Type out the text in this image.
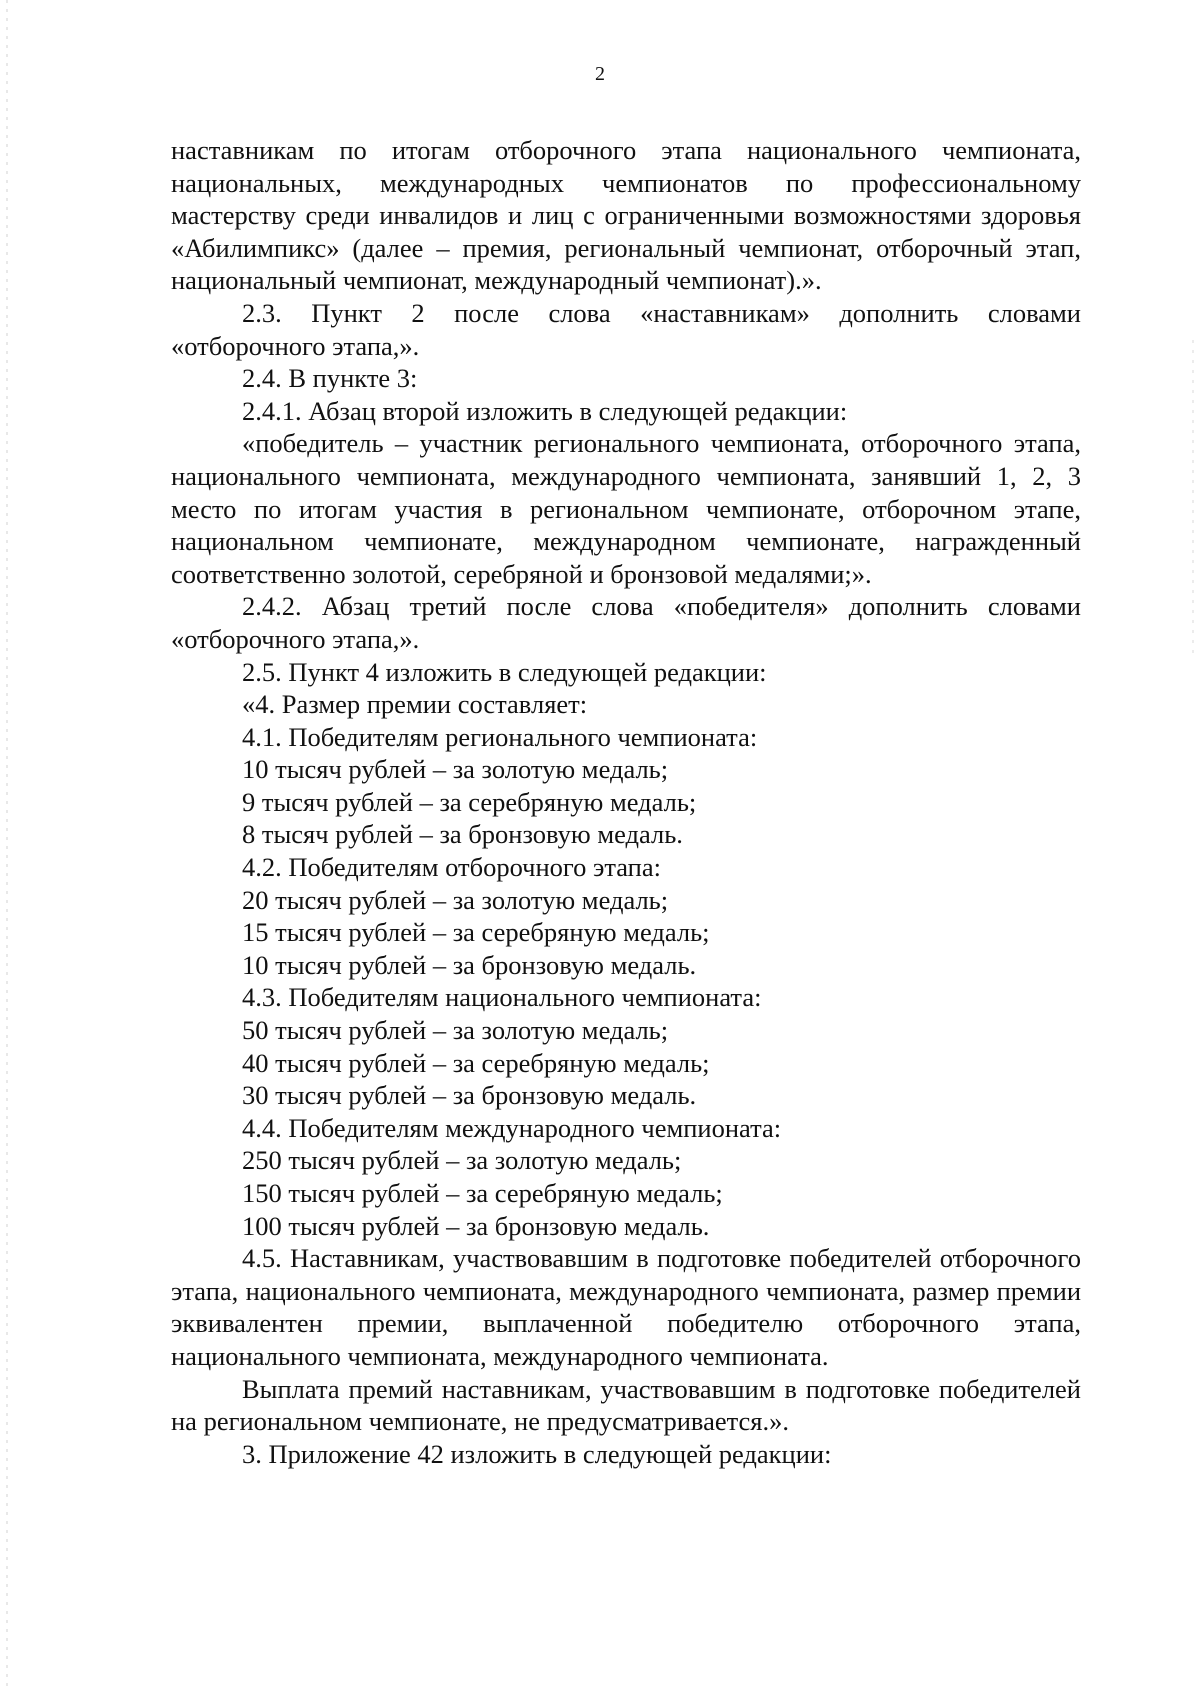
2

наставникам по итогам отборочного этапа национального чемпионата, национальных, международных чемпионатов по профессиональному мастерству среди инвалидов и лиц с ограниченными возможностями здоровья «Абилимпикс» (далее – премия, региональный чемпионат, отборочный этап, национальный чемпионат, международный чемпионат).».

2.3. Пункт 2 после слова «наставникам» дополнить словами «отборочного этапа,».

2.4. В пункте 3:

2.4.1. Абзац второй изложить в следующей редакции:

«победитель – участник регионального чемпионата, отборочного этапа, национального чемпионата, международного чемпионата, занявший 1, 2, 3 место по итогам участия в региональном чемпионате, отборочном этапе, национальном чемпионате, международном чемпионате, награжденный соответственно золотой, серебряной и бронзовой медалями;».

2.4.2. Абзац третий после слова «победителя» дополнить словами «отборочного этапа,».

2.5. Пункт 4 изложить в следующей редакции:

«4. Размер премии составляет:

4.1. Победителям регионального чемпионата:

10 тысяч рублей – за золотую медаль;

9 тысяч рублей – за серебряную медаль;

8 тысяч рублей – за бронзовую медаль.

4.2. Победителям отборочного этапа:

20 тысяч рублей – за золотую медаль;

15 тысяч рублей – за серебряную медаль;

10 тысяч рублей – за бронзовую медаль.

4.3. Победителям национального чемпионата:

50 тысяч рублей – за золотую медаль;

40 тысяч рублей – за серебряную медаль;

30 тысяч рублей – за бронзовую медаль.

4.4. Победителям международного чемпионата:

250 тысяч рублей – за золотую медаль;

150 тысяч рублей – за серебряную медаль;

100 тысяч рублей – за бронзовую медаль.

4.5. Наставникам, участвовавшим в подготовке победителей отборочного этапа, национального чемпионата, международного чемпионата, размер премии эквивалентен премии, выплаченной победителю отборочного этапа, национального чемпионата, международного чемпионата.

Выплата премий наставникам, участвовавшим в подготовке победителей на региональном чемпионате, не предусматривается.».

3. Приложение 42 изложить в следующей редакции:
